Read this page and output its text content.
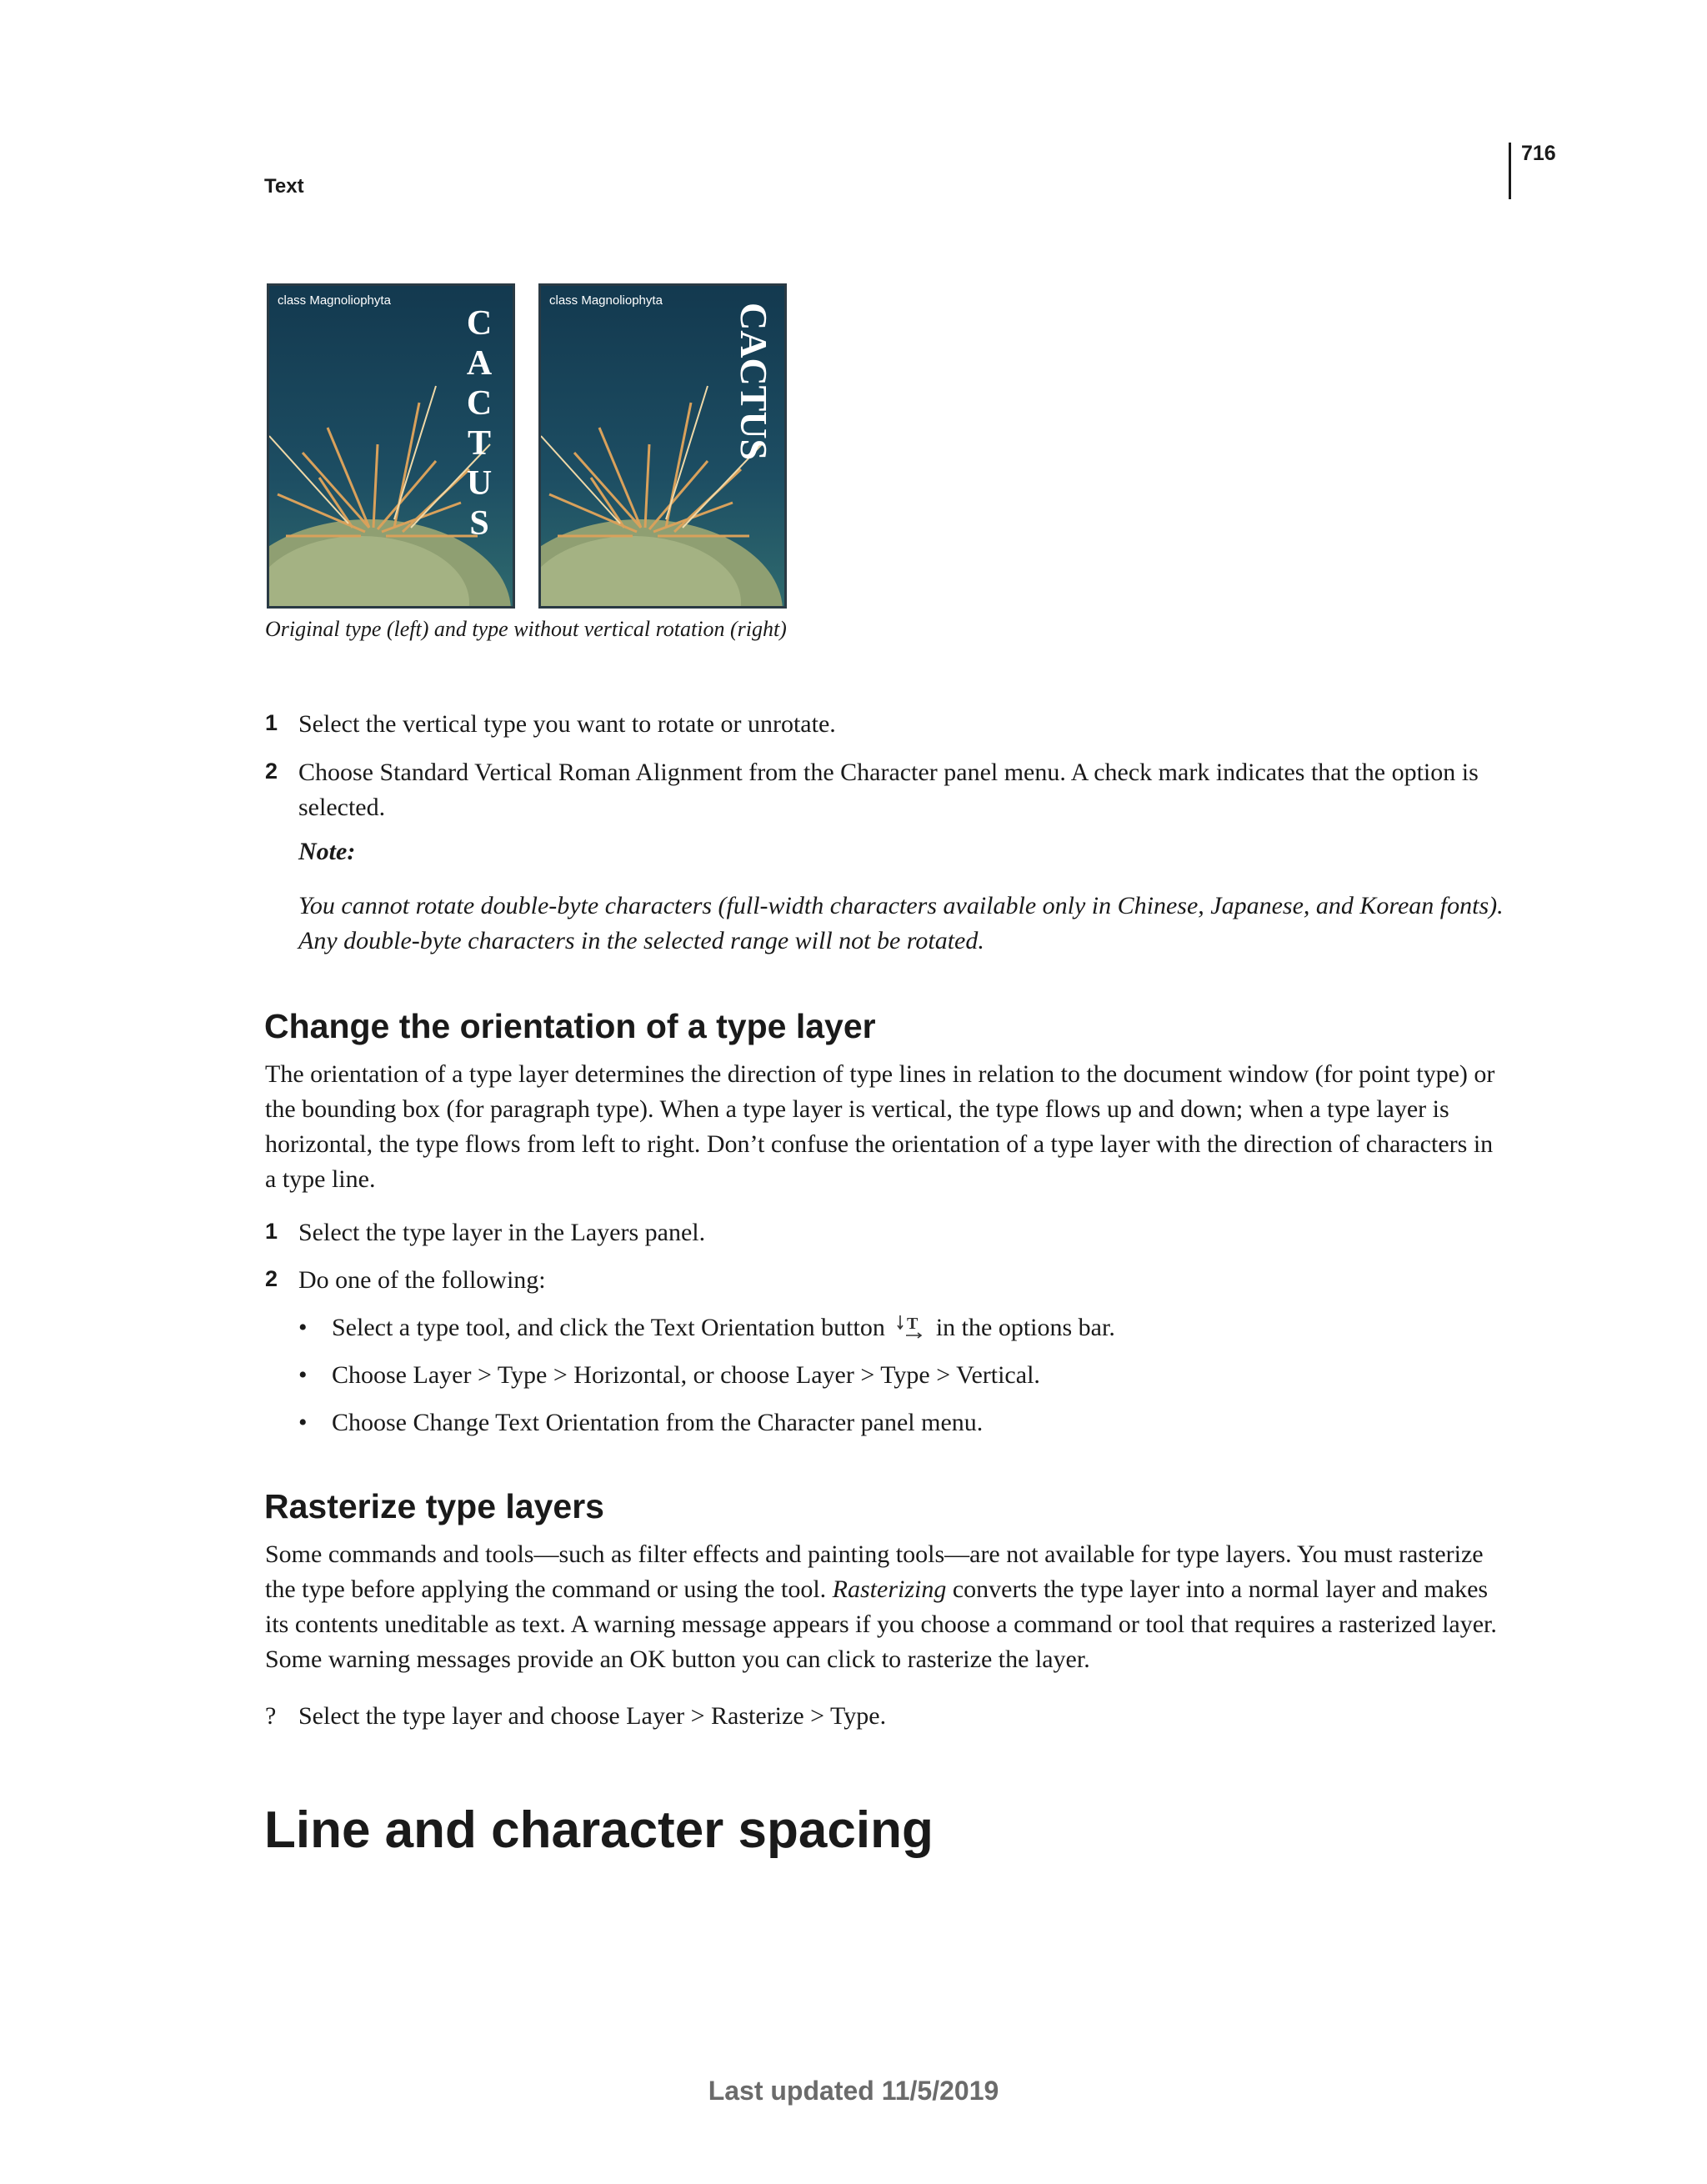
716
Text
class Magnoliophyta
C
A
C
T
U
S
class Magnoliophyta
CACTUS
Original type (left) and type without vertical rotation (right)
1 Select the vertical type you want to rotate or unrotate.
2 Choose Standard Vertical Roman Alignment from the Character panel menu. A check mark indicates that the option is selected.
Note:
You cannot rotate double-byte characters (full-width characters available only in Chinese, Japanese, and Korean fonts). Any double-byte characters in the selected range will not be rotated.
Change the orientation of a type layer
The orientation of a type layer determines the direction of type lines in relation to the document window (for point type) or the bounding box (for paragraph type). When a type layer is vertical, the type flows up and down; when a type layer is horizontal, the type flows from left to right. Don’t confuse the orientation of a type layer with the direction of characters in a type line.
1 Select the type layer in the Layers panel.
2 Do one of the following:
• Select a type tool, and click the Text Orientation button T in the options bar.
• Choose Layer > Type > Horizontal, or choose Layer > Type > Vertical.
• Choose Change Text Orientation from the Character panel menu.
Rasterize type layers
Some commands and tools—such as filter effects and painting tools—are not available for type layers. You must rasterize the type before applying the command or using the tool. Rasterizing converts the type layer into a normal layer and makes its contents uneditable as text. A warning message appears if you choose a command or tool that requires a rasterized layer. Some warning messages provide an OK button you can click to rasterize the layer.
? Select the type layer and choose Layer > Rasterize > Type.
Line and character spacing
Last updated 11/5/2019
